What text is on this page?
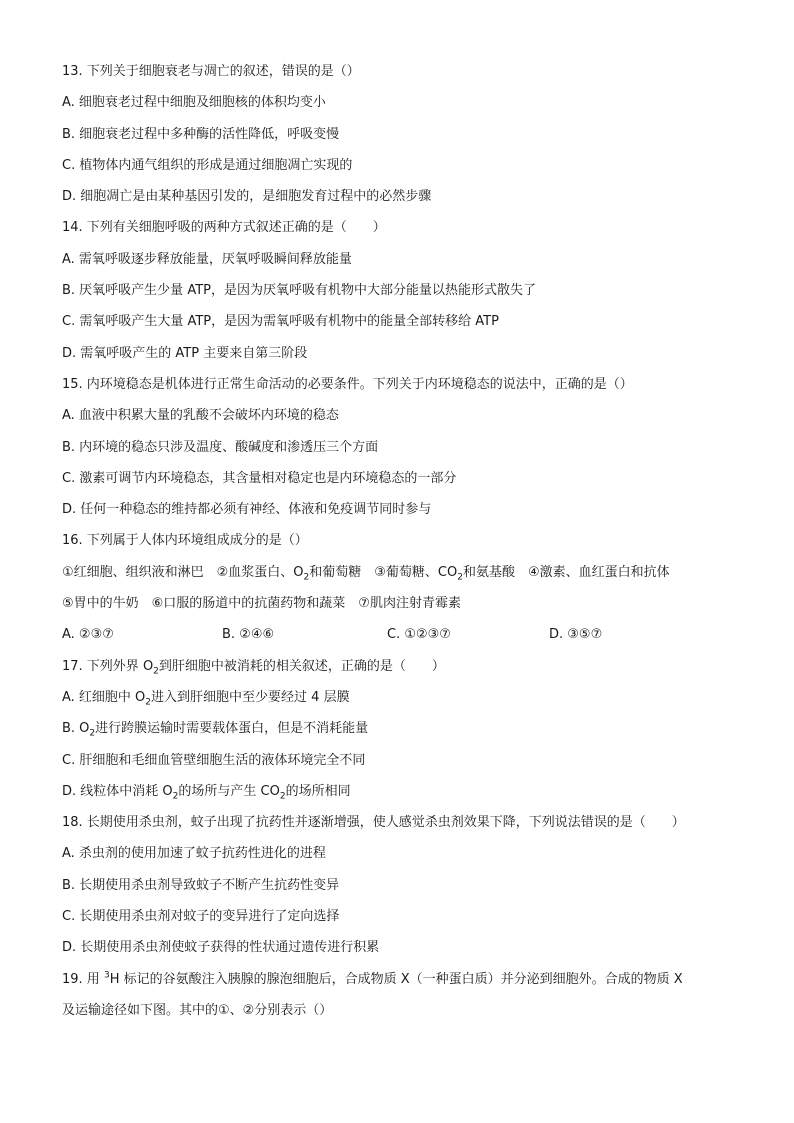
13. 下列关于细胞衰老与凋亡的叙述，错误的是（）
A. 细胞衰老过程中细胞及细胞核的体积均变小
B. 细胞衰老过程中多种酶的活性降低，呼吸变慢
C. 植物体内通气组织的形成是通过细胞凋亡实现的
D. 细胞凋亡是由某种基因引发的，是细胞发育过程中的必然步骤
14. 下列有关细胞呼吸的两种方式叙述正确的是（　　）
A. 需氧呼吸逐步释放能量，厌氧呼吸瞬间释放能量
B. 厌氧呼吸产生少量 ATP，是因为厌氧呼吸有机物中大部分能量以热能形式散失了
C. 需氧呼吸产生大量 ATP，是因为需氧呼吸有机物中的能量全部转移给 ATP
D. 需氧呼吸产生的 ATP 主要来自第三阶段
15. 内环境稳态是机体进行正常生命活动的必要条件。下列关于内环境稳态的说法中，正确的是（）
A. 血液中积累大量的乳酸不会破坏内环境的稳态
B. 内环境的稳态只涉及温度、酸碱度和渗透压三个方面
C. 激素可调节内环境稳态，其含量相对稳定也是内环境稳态的一部分
D. 任何一种稳态的维持都必须有神经、体液和免疫调节同时参与
16. 下列属于人体内环境组成成分的是（）
①红细胞、组织液和淋巴　②血浆蛋白、$O_2$和葡萄糖　③葡萄糖、$CO_2$和氨基酸　④激素、血红蛋白和抗体
⑤胃中的牛奶　⑥口服的肠道中的抗菌药物和蔬菜　⑦肌肉注射青霉素
A. ②③⑦	B. ②④⑥	C. ①②③⑦	D. ③⑤⑦
17. 下列外界 $O_2$到肝细胞中被消耗的相关叙述，正确的是（　　）
A. 红细胞中 $O_2$进入到肝细胞中至少要经过 4 层膜
B. $O_2$进行跨膜运输时需要载体蛋白，但是不消耗能量
C. 肝细胞和毛细血管壁细胞生活的液体环境完全不同
D. 线粒体中消耗 $O_2$的场所与产生 $CO_2$的场所相同
18. 长期使用杀虫剂，蚊子出现了抗药性并逐渐增强，使人感觉杀虫剂效果下降，下列说法错误的是（　　）
A. 杀虫剂的使用加速了蚊子抗药性进化的进程
B. 长期使用杀虫剂导致蚊子不断产生抗药性变异
C. 长期使用杀虫剂对蚊子的变异进行了定向选择
D. 长期使用杀虫剂使蚊子获得的性状通过遗传进行积累
19. 用 $^3$H 标记的谷氨酸注入胰腺的腺泡细胞后，合成物质 X（一种蛋白质）并分泌到细胞外。合成的物质 X
及运输途径如下图。其中的①、②分别表示（）
